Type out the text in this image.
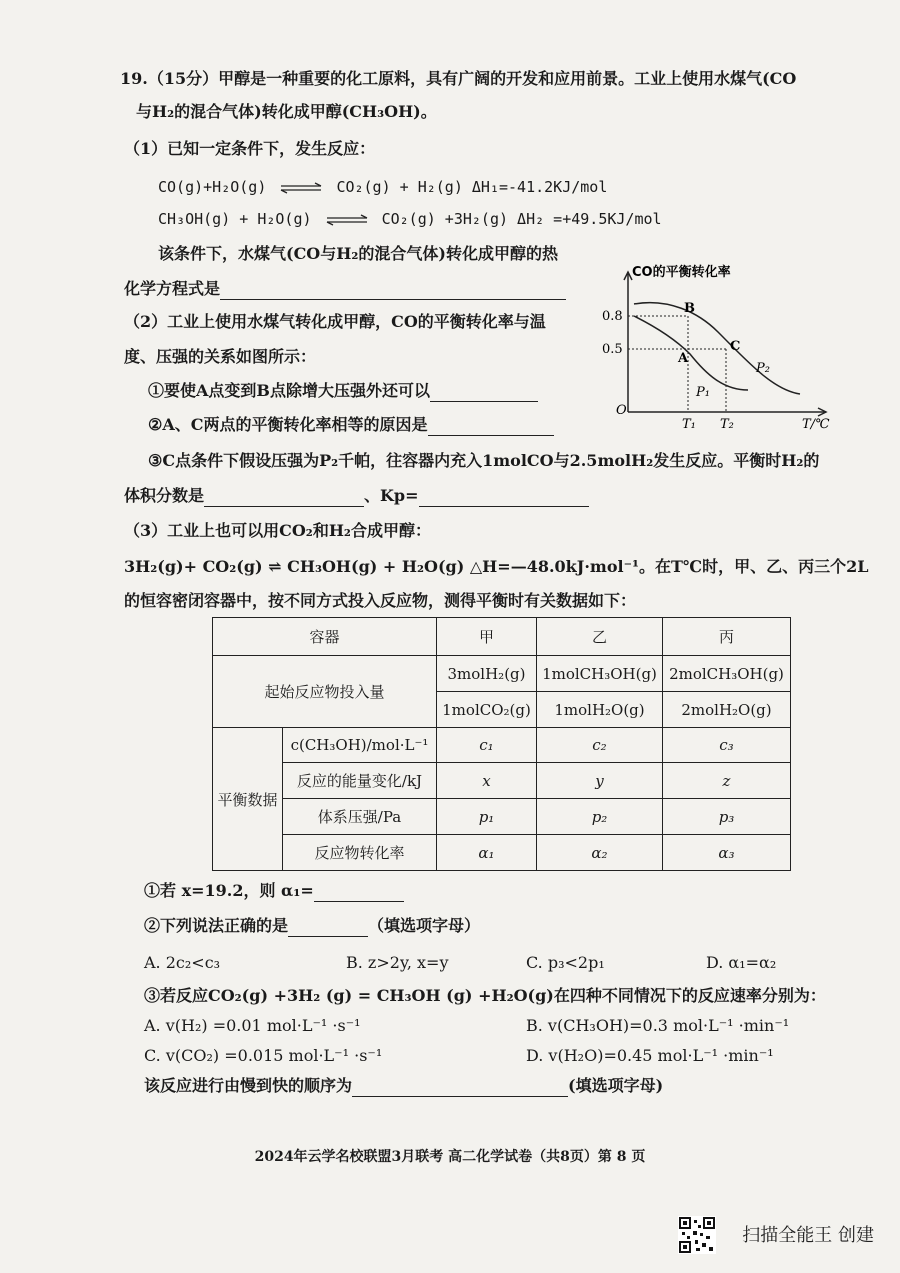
19.（15分）甲醇是一种重要的化工原料，具有广阔的开发和应用前景。工业上使用水煤气(CO
与H₂的混合气体)转化成甲醇(CH₃OH)。
（1）已知一定条件下，发生反应：
CO(g)+H₂O(g) ⇌ CO₂(g) + H₂(g) ΔH₁=-41.2KJ/mol
CH₃OH(g) + H₂O(g) ⇌ CO₂(g) +3H₂(g) ΔH₂ =+49.5KJ/mol
该条件下，水煤气(CO与H₂的混合气体)转化成甲醇的热
化学方程式是
（2）工业上使用水煤气转化成甲醇，CO的平衡转化率与温
度、压强的关系如图所示：
①要使A点变到B点除增大压强外还可以
②A、C两点的平衡转化率相等的原因是
③C点条件下假设压强为P₂千帕，往容器内充入1molCO与2.5molH₂发生反应。平衡时H₂的
体积分数是	、Kp=
（3）工业上也可以用CO₂和H₂合成甲醇：
3H₂(g)+ CO₂(g) ⇌ CH₃OH(g) + H₂O(g) △H=—48.0kJ·mol⁻¹。在T℃时，甲、乙、丙三个2L
的恒容密闭容器中，按不同方式投入反应物，测得平衡时有关数据如下：
CO的平衡转化率
0.8
0.5
O
B
A
C
P₂
P₁
T₁ T₂	T/℃
容器		甲	乙	丙
起始反应物投入量		3molH₂(g)	1molCH₃OH(g)	2molCH₃OH(g)
		1molCO₂(g)	1molH₂O(g)	2molH₂O(g)
平衡数据	c(CH₃OH)/mol·L⁻¹	c₁	c₂	c₃
	反应的能量变化/kJ	x	y	z
	体系压强/Pa	p₁	p₂	p₃
	反应物转化率	α₁	α₂	α₃
①若 x=19.2，则 α₁=
②下列说法正确的是	（填选项字母）
A. 2c₂<c₃	B. z>2y, x=y	C. p₃<2p₁	D. α₁=α₂
③若反应CO₂(g) +3H₂ (g) = CH₃OH (g) +H₂O(g)在四种不同情况下的反应速率分别为：
A. v(H₂) =0.01 mol·L⁻¹ ·s⁻¹	B. v(CH₃OH)=0.3 mol·L⁻¹ ·min⁻¹
C. v(CO₂) =0.015 mol·L⁻¹ ·s⁻¹	D. v(H₂O)=0.45 mol·L⁻¹ ·min⁻¹
该反应进行由慢到快的顺序为	(填选项字母)
2024年云学名校联盟3月联考 高二化学试卷（共8页）第 8 页
扫描全能王 创建
